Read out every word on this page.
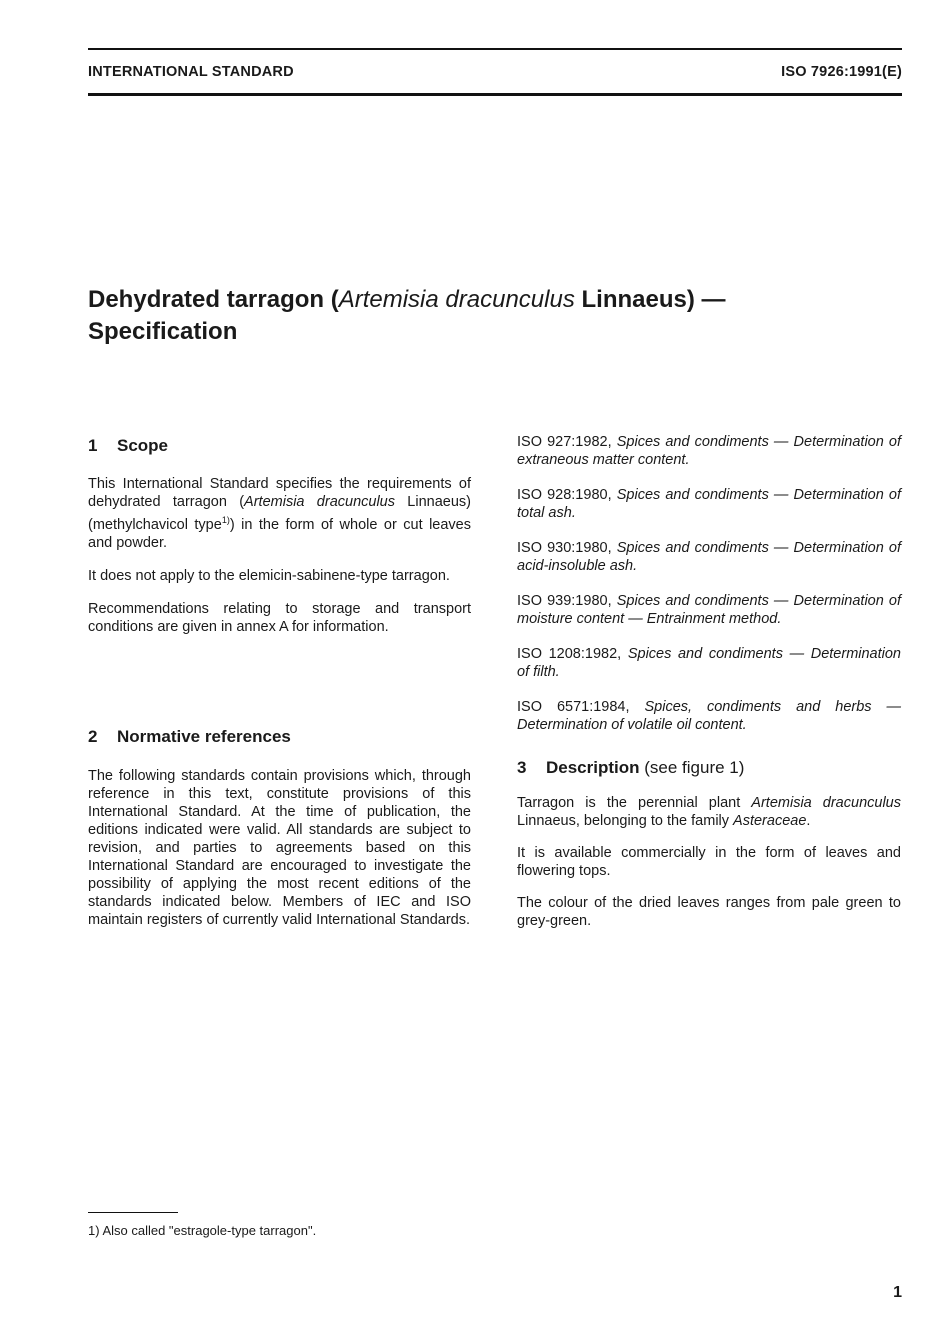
INTERNATIONAL STANDARD	ISO 7926:1991(E)
Dehydrated tarragon (Artemisia dracunculus Linnaeus) —
Specification
1 Scope

This International Standard specifies the requirements of dehydrated tarragon (Artemisia dracunculus Linnaeus) (methylchavicol type$^{1)}$) in the form of whole or cut leaves and powder.

It does not apply to the elemicin-sabinene-type tarragon.

Recommendations relating to storage and transport conditions are given in annex A for information.

2 Normative references

The following standards contain provisions which, through reference in this text, constitute provisions of this International Standard. At the time of publication, the editions indicated were valid. All standards are subject to revision, and parties to agreements based on this International Standard are encouraged to investigate the possibility of applying the most recent editions of the standards indicated below. Members of IEC and ISO maintain registers of currently valid International Standards.

ISO 927:1982, Spices and condiments — Determination of extraneous matter content.
ISO 928:1980, Spices and condiments — Determination of total ash.
ISO 930:1980, Spices and condiments — Determination of acid-insoluble ash.
ISO 939:1980, Spices and condiments — Determination of moisture content — Entrainment method.
ISO 1208:1982, Spices and condiments — Determination of filth.
ISO 6571:1984, Spices, condiments and herbs — Determination of volatile oil content.
3 Description (see figure 1)

Tarragon is the perennial plant Artemisia dracunculus Linnaeus, belonging to the family Asteraceae.

It is available commercially in the form of leaves and flowering tops.

The colour of the dried leaves ranges from pale green to grey-green.

1) Also called "estragole-type tarragon".
1
